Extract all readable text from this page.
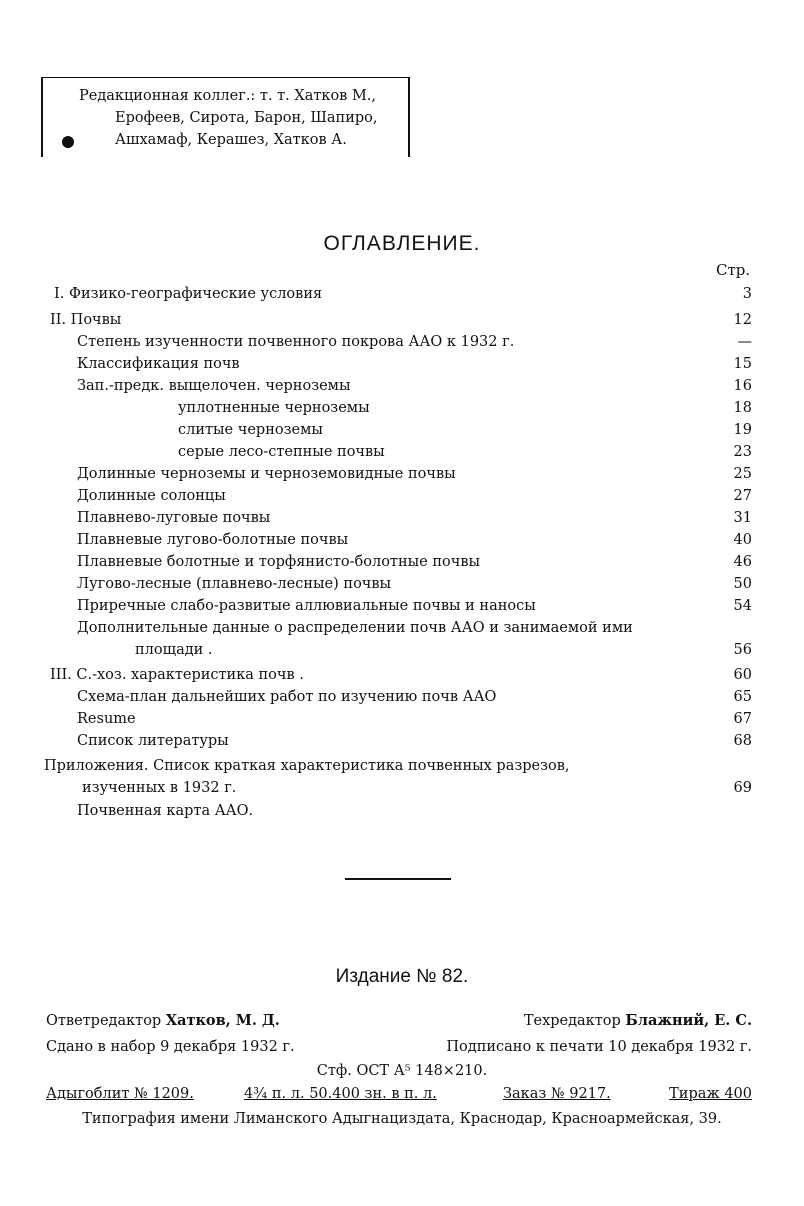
Редакционная коллег.: т. т. Хатков М.,
Ерофеев, Сирота, Барон, Шапиро,
Ашхамаф, Керашез, Хатков А.
ОГЛАВЛЕНИЕ.
Стр.
I. Физико-географические условия	3
II. Почвы	12
Степень изученности почвенного покрова ААО к 1932 г.	—
Классификация почв	15
Зап.-предк. выщелочен. черноземы	16
уплотненные черноземы	18
слитые черноземы	19
серые лесо-степные почвы	23
Долинные черноземы и черноземовидные почвы	25
Долинные солонцы	27
Плавнево-луговые почвы	31
Плавневые лугово-болотные почвы	40
Плавневые болотные и торфянисто-болотные почвы	46
Лугово-лесные (плавнево-лесные) почвы	50
Приречные слабо-развитые аллювиальные почвы и наносы	54
Дополнительные данные о распределении почв ААО и занимаемой ими
площади .	56
III. С.-хоз. характеристика почв .	60
Схема-план дальнейших работ по изучению почв ААО	65
Resume	67
Список литературы	68
Приложения. Список краткая характеристика почвенных разрезов,
изученных в 1932 г.	69
Почвенная карта ААО.
Издание № 82.
Ответредактор Хатков, М. Д.	Техредактор Блажний, Е. С.
Сдано в набор 9 декабря 1932 г.	Подписано к печати 10 декабря 1932 г.
Стф. ОСТ А⁵ 148×210.
Адыгоблит № 1209.	4¾ п. л. 50.400 зн. в п. л.	Заказ № 9217.	Тираж 400
Типография имени Лиманского Адыгнациздата, Краснодар, Красноармейская, 39.
